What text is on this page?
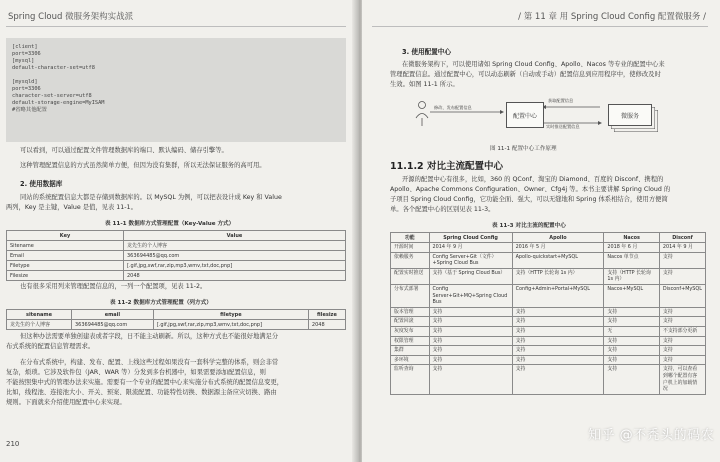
Spring Cloud 微服务架构实战派
[client]
port=3306
[mysql]
default-character-set=utf8
[mysqld]
port=3306
character-set-server=utf8
default-storage-engine=MyISAM
#省略其他配置
可以看到，可以通过配置文件管理数据库的端口、默认编码、储存引擎等。
这种管理配置信息的方式虽然简单方便，但因为没有集群，所以无法保证服务的高可用。
2. 使用数据库
同站的系统配置信息大都是存储到数据库的。以 MySQL 为例，可以把表设计成 Key 和 Value
两列，Key 是主键，Value 是值，见表 11-1。
表 11-1 数据库方式管理配置（Key-Value 方式）
Key	Value
Sitename	龙先生的个人博客
Email	363694485@qq.com
Filetype	[.gif,jpg,swf,rar,zip,mp3,wmv,txt,doc,pnp]
Filesize	2048
也有很多采用列来管理配置信息的，一列一个配置项，见表 11-2。
表 11-2 数据库方式管理配置（列方式）
sitename	email	filetype	filesize
龙先生的个人博客	363694485@qq.com	[.gif,jpg,swf,rar,zip,mp3,wmv,txt,doc,pnp]	2048
但这种办法需要单独创建表或者字段，日不能主动刷新。所以，这种方式也不能很好地满足分
布式系统的配置信息管理需求。
在分布式系统中，构建、发布、配置、上线这些过程如果没有一套科学完整的体系，则会非常
复杂，烦琐。它涉及软件包（JAR、WAR 等）分发到多台机器中，如果需要添加配置信息，则
不能按照集中式的管理办法来实施。需要有一个专业的配置中心来实施分布式系统的配置信息变更，
比如，线程池、连接池大小、开关、预案、限流配置、功能特性切换、数据源主备应灾切换、路由
规则。下面就来介绍使用配置中心来实现。
210
/ 第 11 章 用 Spring Cloud Config 配置微服务 /
3. 使用配置中心
在微服务架构下，可以使用诸如 Spring Cloud Config、Apollo、Nacos 等专业的配置中心来
管理配置信息。通过配置中心，可以动态刷新（自动或手动）配置信息到应用程序中，使修改及时
生效。如图 11-1 所示。
修改、发布配置信息
配置中心
获取配置信息
实时推送配置信息
微服务
图 11-1 配置中心工作原理
11.1.2 对比主流配置中心
开源的配置中心有很多，比如，360 的 QConf、淘宝的 Diamond、百度的 Disconf、携程的
Apollo、Apache Commons Configuration、Owner、Cfg4j 等。本书主要讲解 Spring Cloud 的
子项目 Spring Cloud Config，它功能全面、强大，可以无缝地和 Spring 体系相结合，使用方便简
单。各个配置中心的区别见表 11-3。
表 11-3 对比主流的配置中心
功能	Spring Cloud Config	Apollo	Nacos	Disconf
开源时间	2014 年 9 月	2016 年 5 月	2018 年 6 月	2014 年 9 月
依赖服务	Config Server+Git（文件）+Spring Cloud Bus	Apollo-quickstart+MySQL	Nacos 单节点	支持
配置实时推送	支持（基于 Spring Cloud Bus）	支持（HTTP 长轮询 1s 内）	支持（HTTP 长轮询 1s 内）	支持
分布式部署	Config Server+Git+MQ+Spring Cloud Bus	Config+Admin+Portal+MySQL	Nacos+MySQL	Disconf+MySQL
版本管理	支持	支持	支持	支持
配置回滚	支持	支持	支持	支持
灰度发布	支持	支持	无	不支持部分更新
权限管理	支持	支持	支持	支持
集群	支持	支持	支持	支持
多环境	支持	支持	支持	支持
监听查询	支持	支持	支持	支持，可以查看到哪个配置有客户机上的加载情况
知乎 @不秃头的码农
